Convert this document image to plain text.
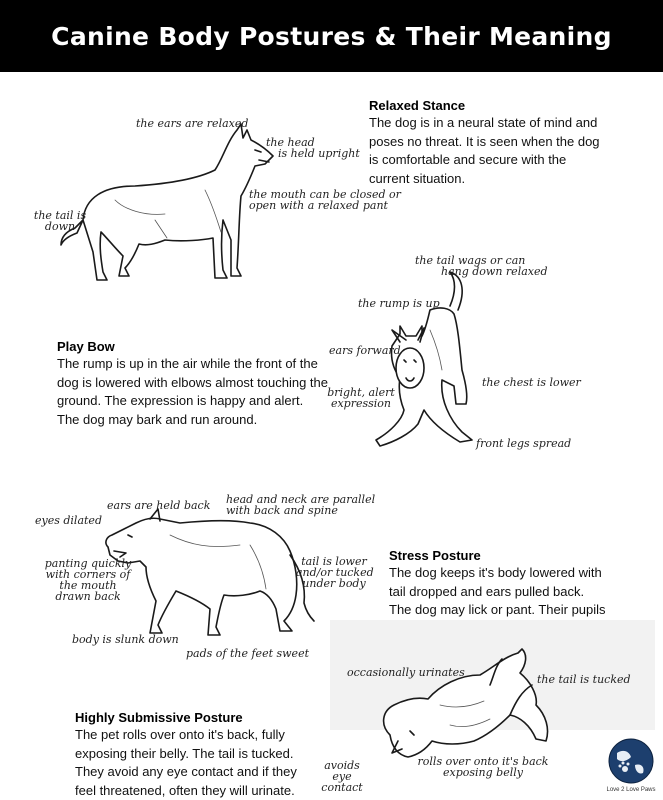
Canine Body Postures & Their Meaning
Relaxed Stance
The dog is in a neural state of mind and
poses no threat. It is seen when the dog
is comfortable and secure with the
current situation.
the ears are relaxed
the head
is held upright
the mouth can be closed or
open with a relaxed pant
the tail is
down
Play Bow
The rump is up in the air while the front of the
dog is lowered with elbows almost touching the
ground. The expression is happy and alert.
The dog may bark and run around.
the tail wags or can
hang down relaxed
the rump is up
ears forward
bright, alert
expression
the chest is lower
front legs spread
Stress Posture
The dog keeps it's body lowered with
tail dropped and ears pulled back.
The dog may lick or pant. Their pupils
ears are held back head and neck are parallel
with back and spine
eyes dilated
panting quickly
with corners of
the mouth
drawn back
tail is lower
and/or tucked
under body
body is slunk down
pads of the feet sweet
occasionally urinates
the tail is tucked
avoids
eye
contact
rolls over onto it's back
exposing belly
Highly Submissive Posture
The pet rolls over onto it's back, fully
exposing their belly. The tail is tucked.
They avoid any eye contact and if they
feel threatened, often they will urinate.	Love 2 Love Paws
